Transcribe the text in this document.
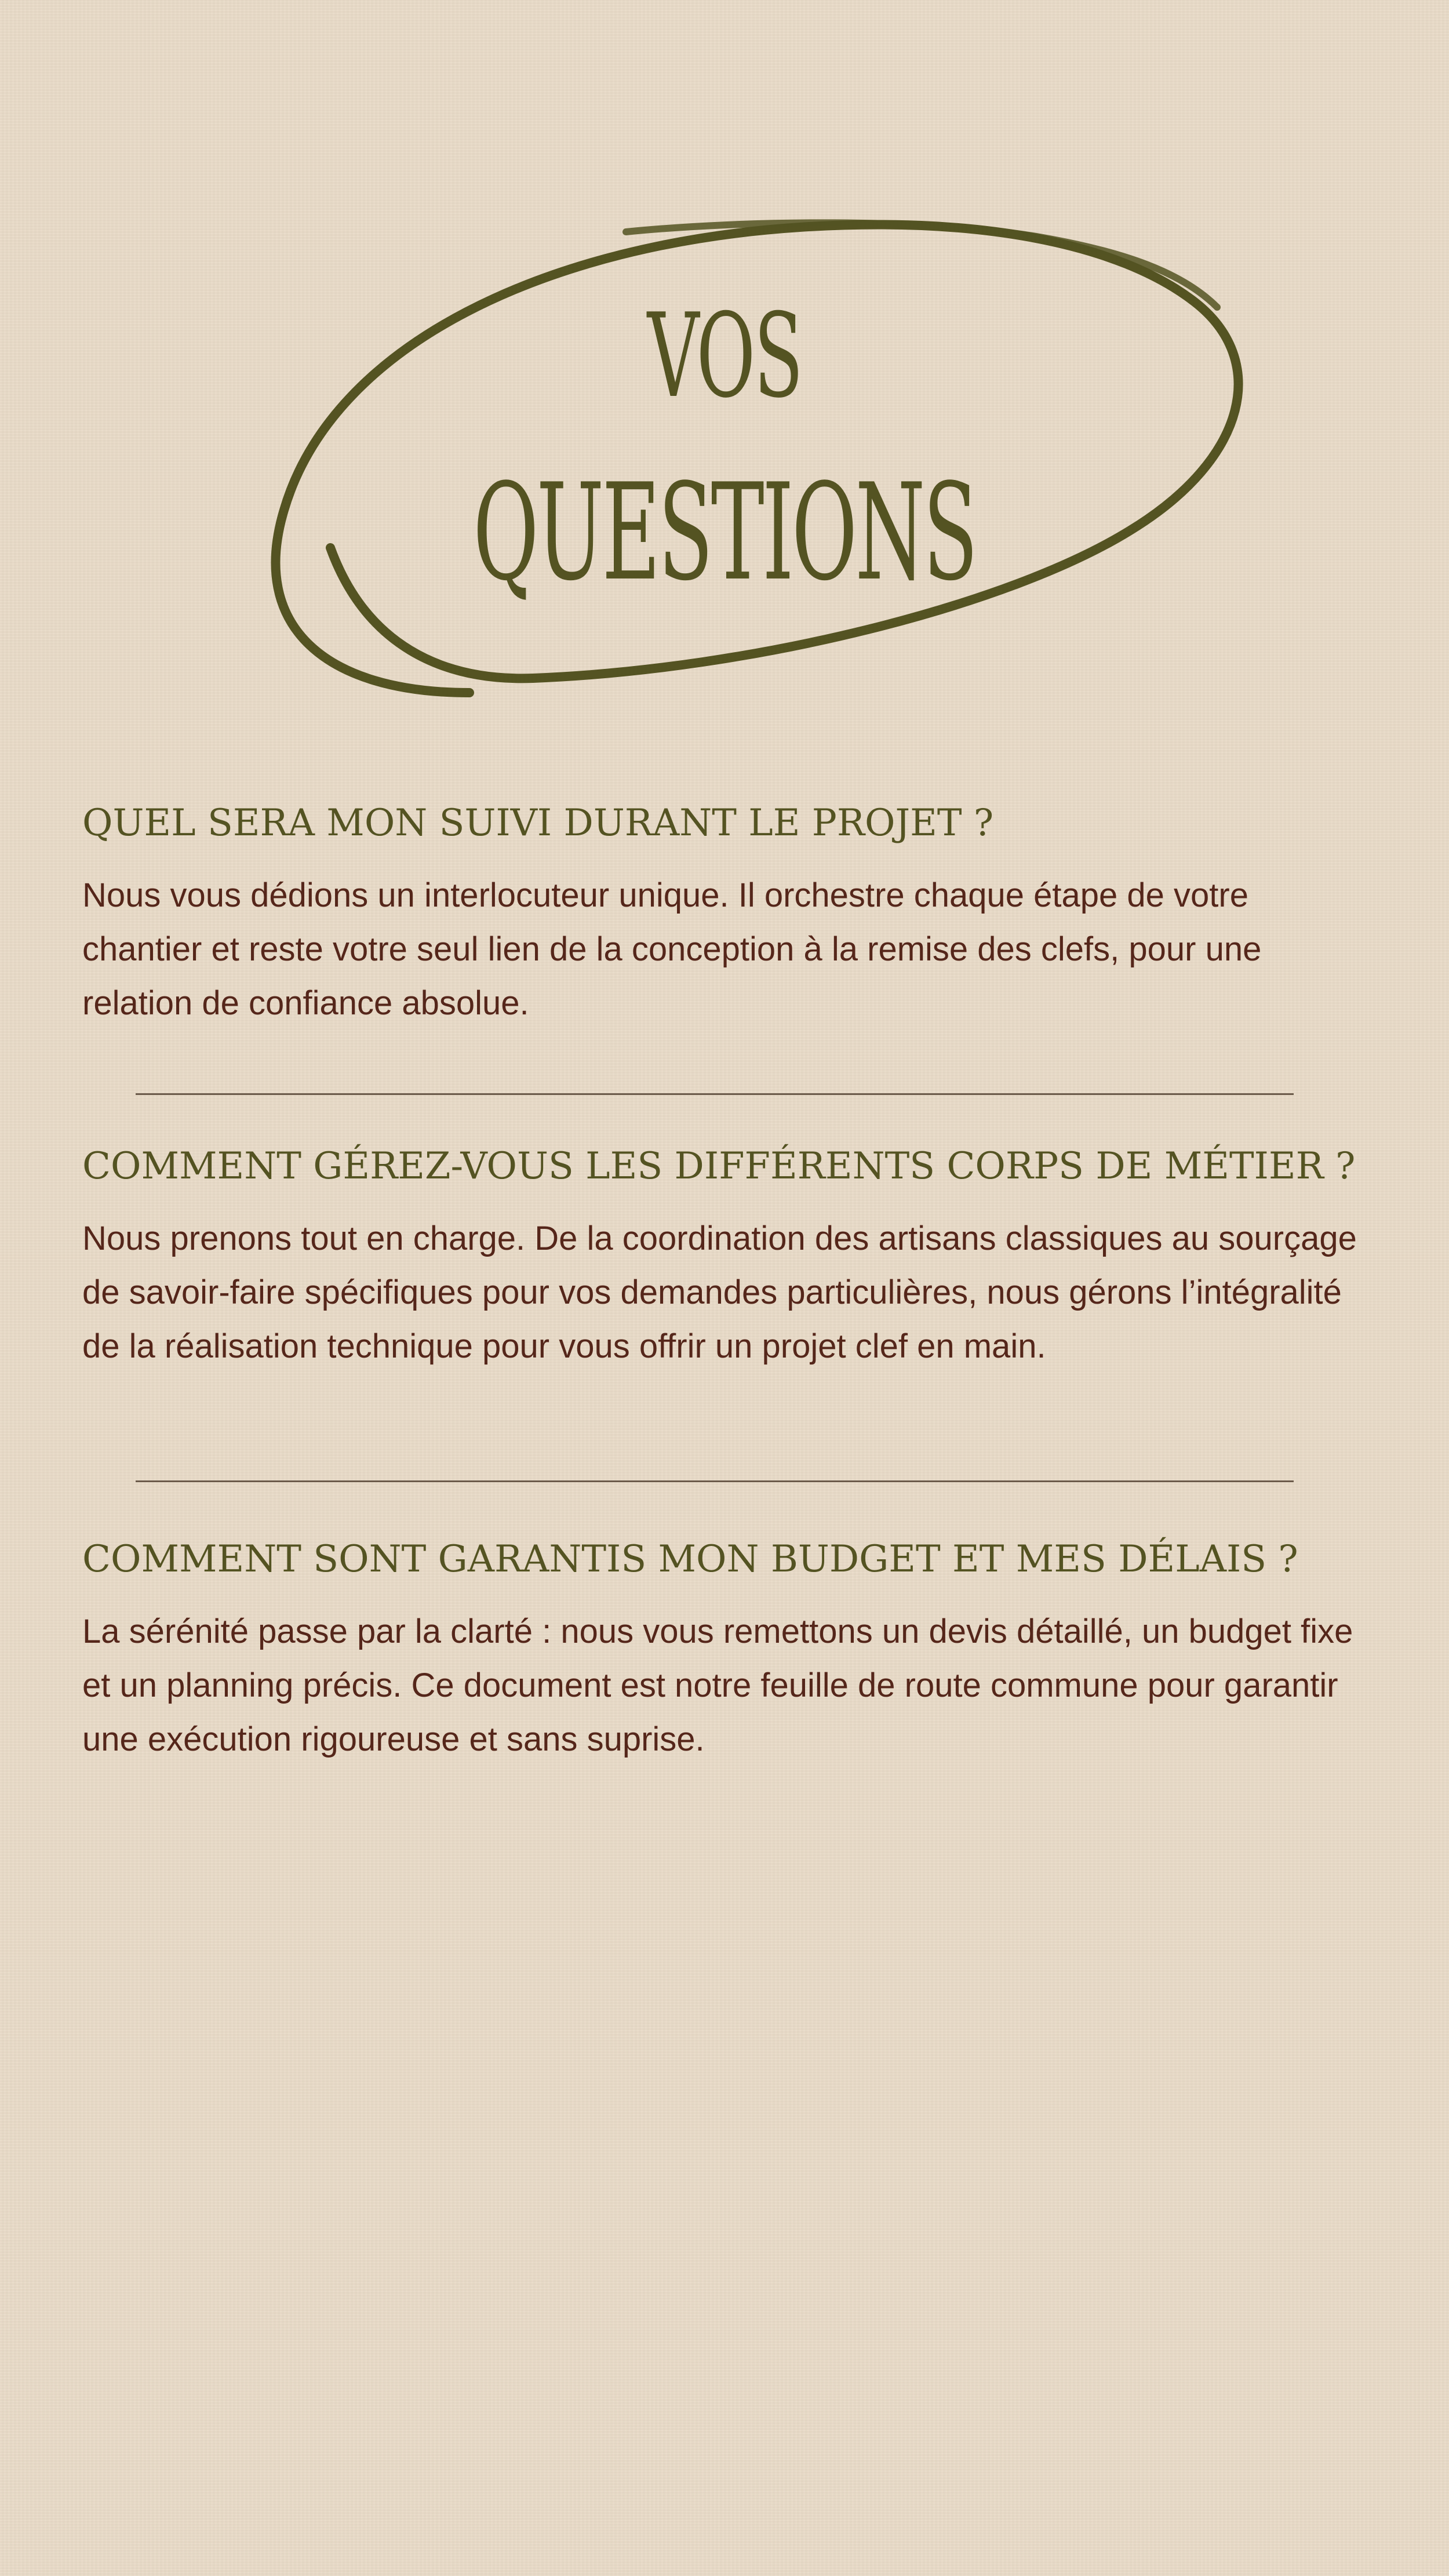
VOS
QUESTIONS
QUEL SERA MON SUIVI DURANT LE PROJET ?

Nous vous dédions un interlocuteur unique. Il orchestre chaque étape de votre chantier et reste votre seul lien de la conception à la remise des clefs, pour une relation de confiance absolue.

COMMENT GÉREZ-VOUS LES DIFFÉRENTS CORPS DE MÉTIER ?

Nous prenons tout en charge. De la coordination des artisans classiques au sourçage de savoir-faire spécifiques pour vos demandes particulières, nous gérons l’intégralité de la réalisation technique pour vous offrir un projet clef en main.

COMMENT SONT GARANTIS MON BUDGET ET MES DÉLAIS ?

La sérénité passe par la clarté : nous vous remettons un devis détaillé, un budget fixe et un planning précis. Ce document est notre feuille de route commune pour garantir une exécution rigoureuse et sans suprise.
